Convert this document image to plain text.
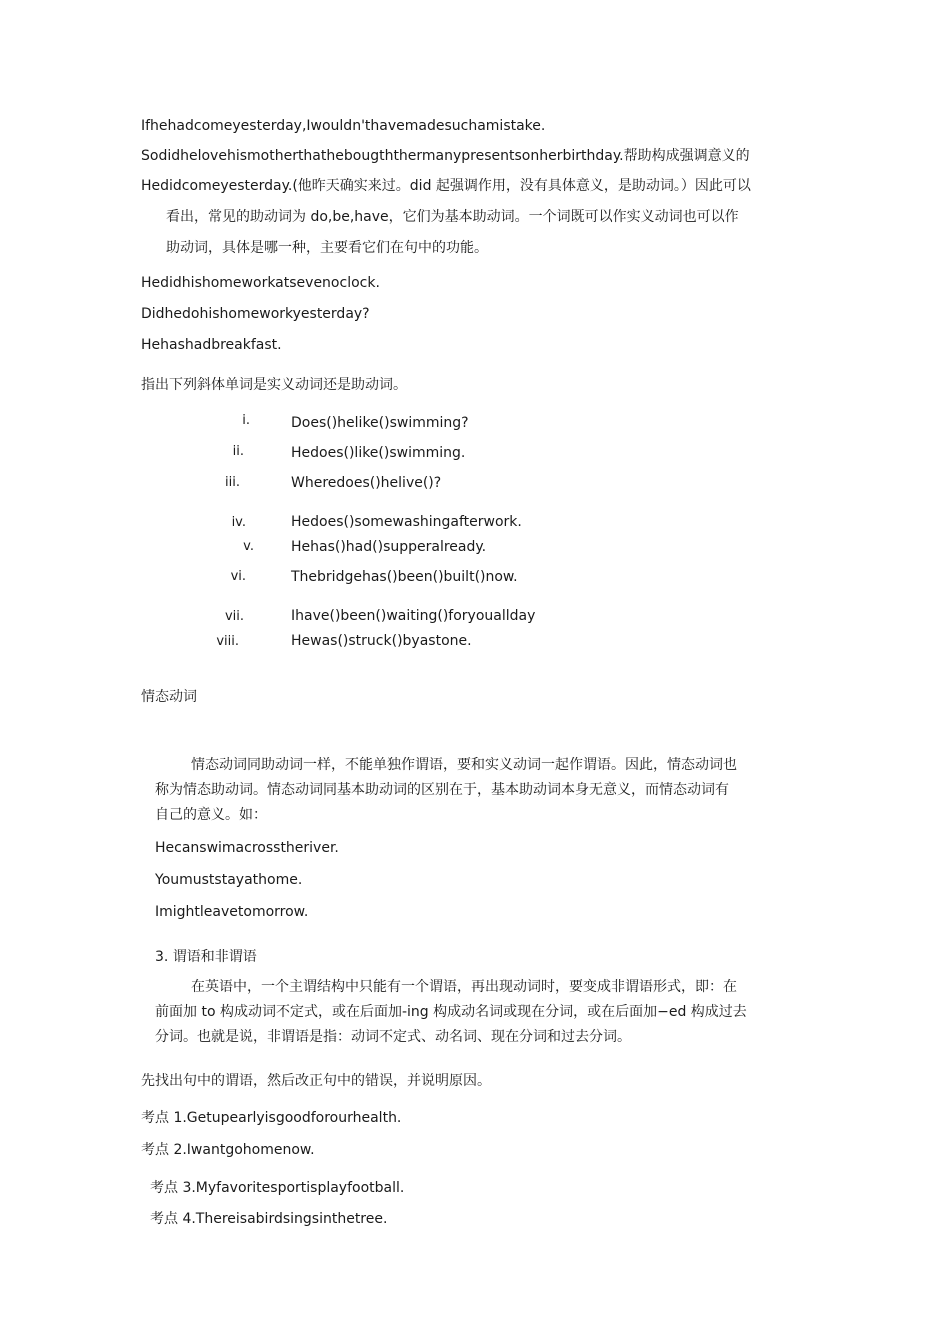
Ifhehadcomeyesterday,Iwouldn'thavemadesuchamistake.
Sodidhelovehismotherthathebougththermanypresentsonherbirthday.帮助构成强调意义的
Hedidcomeyesterday.(他昨天确实来过。did 起强调作用，没有具体意义，是助动词。）因此可以
看出，常见的助动词为 do,be,have，它们为基本助动词。一个词既可以作实义动词也可以作
助动词，具体是哪一种，主要看它们在句中的功能。
Hedidhishomeworkatsevenoclock.
Didhedohishomeworkyesterday?
Hehashadbreakfast.
指出下列斜体单词是实义动词还是助动词。
i.	Does()helike()swimming?
ii.	Hedoes()like()swimming.
iii.	Wheredoes()helive()?
iv.	Hedoes()somewashingafterwork.
v.	Hehas()had()supperalready.
vi.	Thebridgehas()been()built()now.
vii.	Ihave()been()waiting()foryouallday
viii.	Hewas()struck()byastone.
情态动词
情态动词同助动词一样，不能单独作谓语，要和实义动词一起作谓语。因此，情态动词也
称为情态助动词。情态动词同基本助动词的区别在于，基本助动词本身无意义，而情态动词有
自己的意义。如：
Hecanswimacrosstheriver.
Youmuststayathome.
Imightleavetomorrow.
3. 谓语和非谓语
在英语中，一个主谓结构中只能有一个谓语，再出现动词时，要变成非谓语形式，即：在
前面加 to 构成动词不定式，或在后面加-ing 构成动名词或现在分词，或在后面加−ed 构成过去
分词。也就是说，非谓语是指：动词不定式、动名词、现在分词和过去分词。
先找出句中的谓语，然后改正句中的错误，并说明原因。
考点 1.Getupearlyisgoodforourhealth.
考点 2.Iwantgohomenow.
考点 3.Myfavoritesportisplayfootball.
考点 4.Thereisabirdsingsinthetree.
